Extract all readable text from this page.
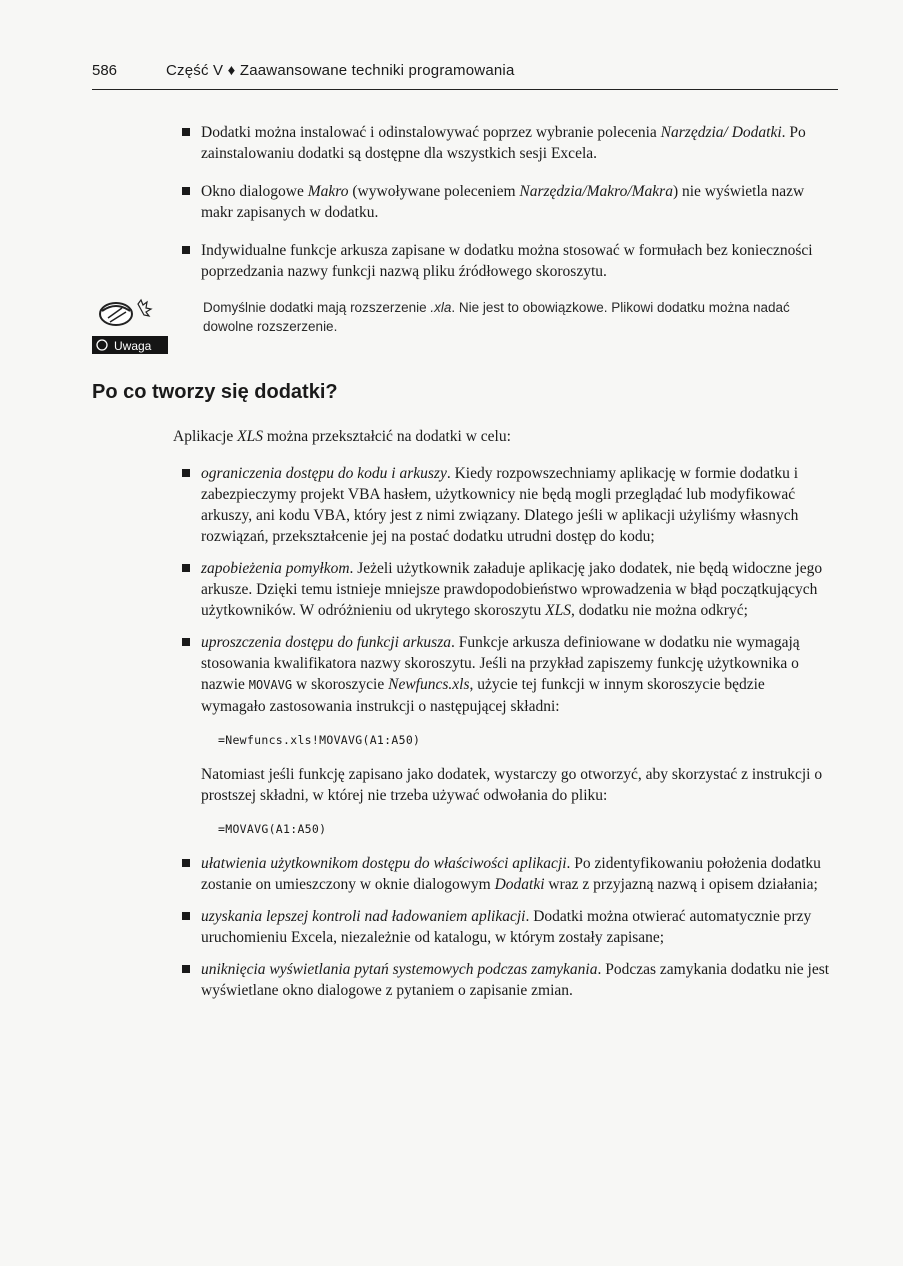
586	Część V ♦ Zaawansowane techniki programowania
Dodatki można instalować i odinstalowywać poprzez wybranie polecenia Narzędzia/ Dodatki. Po zainstalowaniu dodatki są dostępne dla wszystkich sesji Excela.
Okno dialogowe Makro (wywoływane poleceniem Narzędzia/Makro/Makra) nie wyświetla nazw makr zapisanych w dodatku.
Indywidualne funkcje arkusza zapisane w dodatku można stosować w formułach bez konieczności poprzedzania nazwy funkcji nazwą pliku źródłowego skoroszytu.
Uwaga
Domyślnie dodatki mają rozszerzenie .xla. Nie jest to obowiązkowe. Plikowi dodatku można nadać dowolne rozszerzenie.
Po co tworzy się dodatki?
Aplikacje XLS można przekształcić na dodatki w celu:
ograniczenia dostępu do kodu i arkuszy. Kiedy rozpowszechniamy aplikację w formie dodatku i zabezpieczymy projekt VBA hasłem, użytkownicy nie będą mogli przeglądać lub modyfikować arkuszy, ani kodu VBA, który jest z nimi związany. Dlatego jeśli w aplikacji użyliśmy własnych rozwiązań, przekształcenie jej na postać dodatku utrudni dostęp do kodu;
zapobieżenia pomyłkom. Jeżeli użytkownik załaduje aplikację jako dodatek, nie będą widoczne jego arkusze. Dzięki temu istnieje mniejsze prawdopodobieństwo wprowadzenia w błąd początkujących użytkowników. W odróżnieniu od ukrytego skoroszytu XLS, dodatku nie można odkryć;
uproszczenia dostępu do funkcji arkusza. Funkcje arkusza definiowane w dodatku nie wymagają stosowania kwalifikatora nazwy skoroszytu. Jeśli na przykład zapiszemy funkcję użytkownika o nazwie MOVAVG w skoroszycie Newfuncs.xls, użycie tej funkcji w innym skoroszycie będzie wymagało zastosowania instrukcji o następującej składni:
=Newfuncs.xls!MOVAVG(A1:A50)

Natomiast jeśli funkcję zapisano jako dodatek, wystarczy go otworzyć, aby skorzystać z instrukcji o prostszej składni, w której nie trzeba używać odwołania do pliku:

=MOVAVG(A1:A50)
ułatwienia użytkownikom dostępu do właściwości aplikacji. Po zidentyfikowaniu położenia dodatku zostanie on umieszczony w oknie dialogowym Dodatki wraz z przyjazną nazwą i opisem działania;
uzyskania lepszej kontroli nad ładowaniem aplikacji. Dodatki można otwierać automatycznie przy uruchomieniu Excela, niezależnie od katalogu, w którym zostały zapisane;
uniknięcia wyświetlania pytań systemowych podczas zamykania. Podczas zamykania dodatku nie jest wyświetlane okno dialogowe z pytaniem o zapisanie zmian.
